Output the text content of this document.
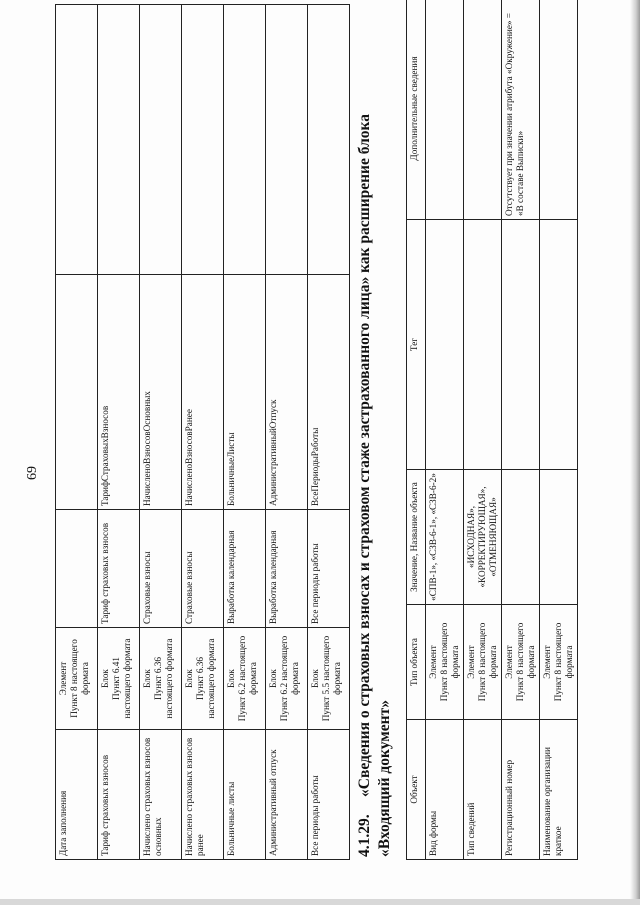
69
Дата заполнения	Элемент
Пункт 8 настоящего
формата			
Тариф страховых взносов	Блок
Пункт 6.41
настоящего формата	Тариф страховых взносов	ТарифСтраховыхВзносов	
Начислено страховых взносов основных	Блок
Пункт 6.36
настоящего формата	Страховые взносы	НачисленоВзносовОсновных	
Начислено страховых взносов ранее	Блок
Пункт 6.36
настоящего формата	Страховые взносы	НачисленоВзносовРанее	
Больничные листы	Блок
Пункт 6.2 настоящего
формата	Выработка календарная	БольничныеЛисты	
Административный отпуск	Блок
Пункт 6.2 настоящего
формата	Выработка календарная	АдминистративныйОтпуск	
Все периоды работы	Блок
Пункт 5.5 настоящего
формата	Все периоды работы	ВсеПериодыРаботы	
4.1.29.«Сведения о страховых взносах и страховом стаже застрахованного лица» как расширение блока «Входящий документ» Объект	Тип объекта	Значение, Название объекта	Тег	Дополнительные сведения
Вид формы	Элемент
Пункт 8 настоящего
формата	«СПВ-1», «СЗВ-6-1», «СЗВ-6-2»		
Тип сведений	Элемент
Пункт 8 настоящего
формата	«ИСХОДНАЯ»,
«КОРРЕКТИРУЮЩАЯ»,
«ОТМЕНЯЮЩАЯ»		
Регистрационный номер	Элемент
Пункт 8 настоящего
формата			Отсутствует при значении атрибута «Окружение» = «В составе Выписки»
Наименование организации краткое	Элемент
Пункт 8 настоящего
формата			
